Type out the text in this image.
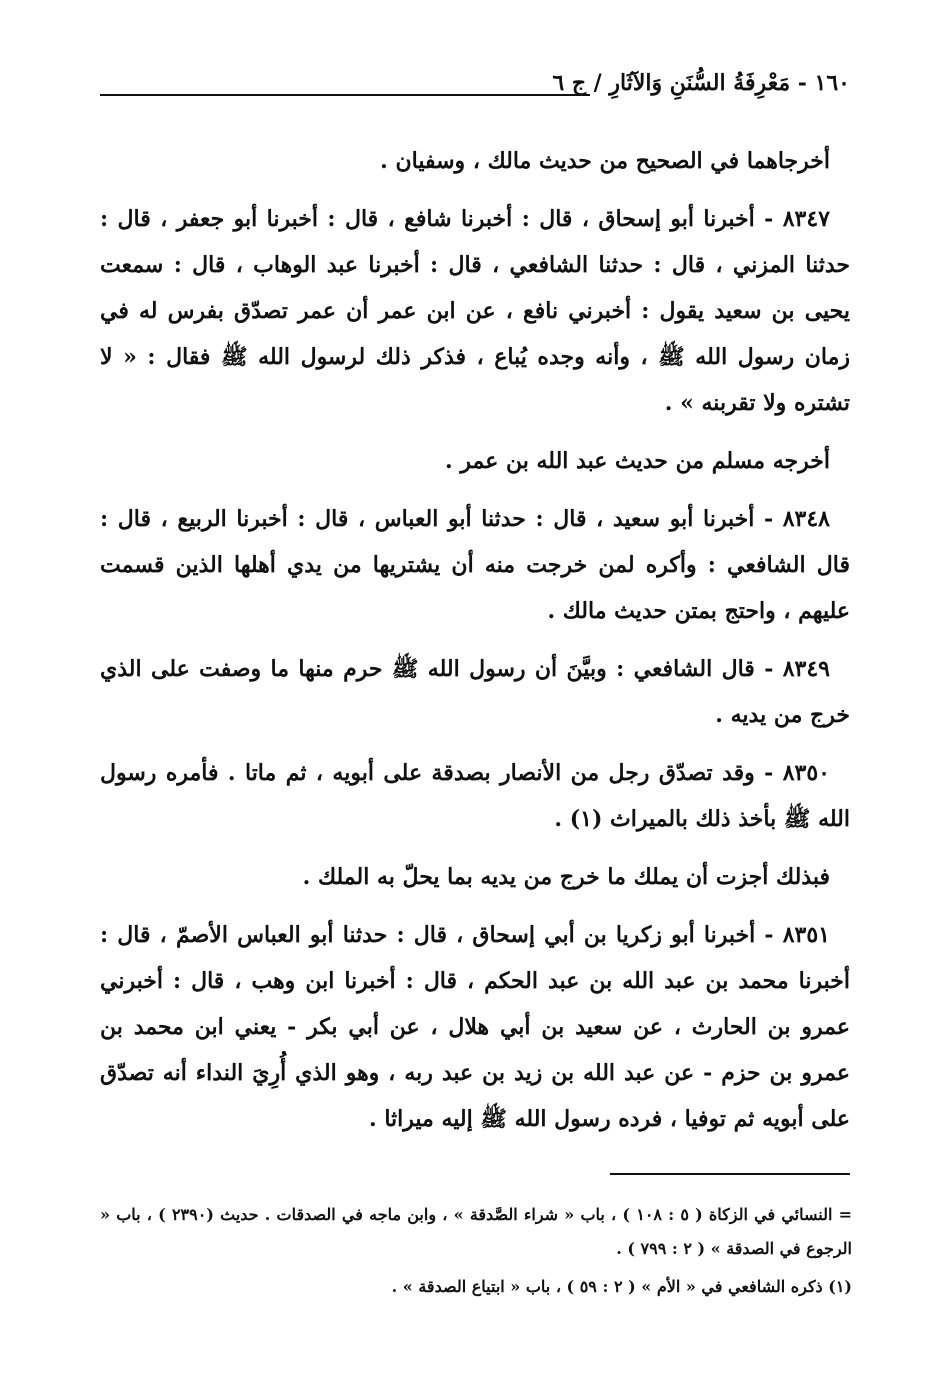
١٦٠ - مَعْرِفَةُ السُّنَنِ وَالآثَارِ / ج ٦

أخرجاهما في الصحيح من حديث مالك ، وسفيان .

٨٣٤٧ - أخبرنا أبو إسحاق ، قال : أخبرنا شافع ، قال : أخبرنا أبو جعفر ، قال : حدثنا المزني ، قال : حدثنا الشافعي ، قال : أخبرنا عبد الوهاب ، قال : سمعت يحيى بن سعيد يقول : أخبرني نافع ، عن ابن عمر أن عمر تصدّق بفرس له في زمان رسول الله ﷺ ، وأنه وجده يُباع ، فذكر ذلك لرسول الله ﷺ فقال : « لا تشتره ولا تقربنه » .

أخرجه مسلم من حديث عبد الله بن عمر .

٨٣٤٨ - أخبرنا أبو سعيد ، قال : حدثنا أبو العباس ، قال : أخبرنا الربيع ، قال : قال الشافعي : وأكره لمن خرجت منه أن يشتريها من يدي أهلها الذين قسمت عليهم ، واحتج بمتن حديث مالك .

٨٣٤٩ - قال الشافعي : وبيَّنَ أن رسول الله ﷺ حرم منها ما وصفت على الذي خرج من يديه .

٨٣٥٠ - وقد تصدّق رجل من الأنصار بصدقة على أبويه ، ثم ماتا . فأمره رسول الله ﷺ بأخذ ذلك بالميراث (١) .

فبذلك أجزت أن يملك ما خرج من يديه بما يحلّ به الملك .

٨٣٥١ - أخبرنا أبو زكريا بن أبي إسحاق ، قال : حدثنا أبو العباس الأصمّ ، قال : أخبرنا محمد بن عبد الله بن عبد الحكم ، قال : أخبرنا ابن وهب ، قال : أخبرني عمرو بن الحارث ، عن سعيد بن أبي هلال ، عن أبي بكر - يعني ابن محمد بن عمرو بن حزم - عن عبد الله بن زيد بن عبد ربه ، وهو الذي أُرِيَ النداء أنه تصدّق على أبويه ثم توفيا ، فرده رسول الله ﷺ إليه ميراثا .

= النسائي في الزكاة ( ٥ : ١٠٨ ) ، باب « شراء الصَّدقة » ، وابن ماجه في الصدقات . حديث (٢٣٩٠ ) ، باب « الرجوع في الصدقة » ( ٢ : ٧٩٩ ) .

(١) ذكره الشافعي في « الأم » ( ٢ : ٥٩ ) ، باب « ابتياع الصدقة » .
